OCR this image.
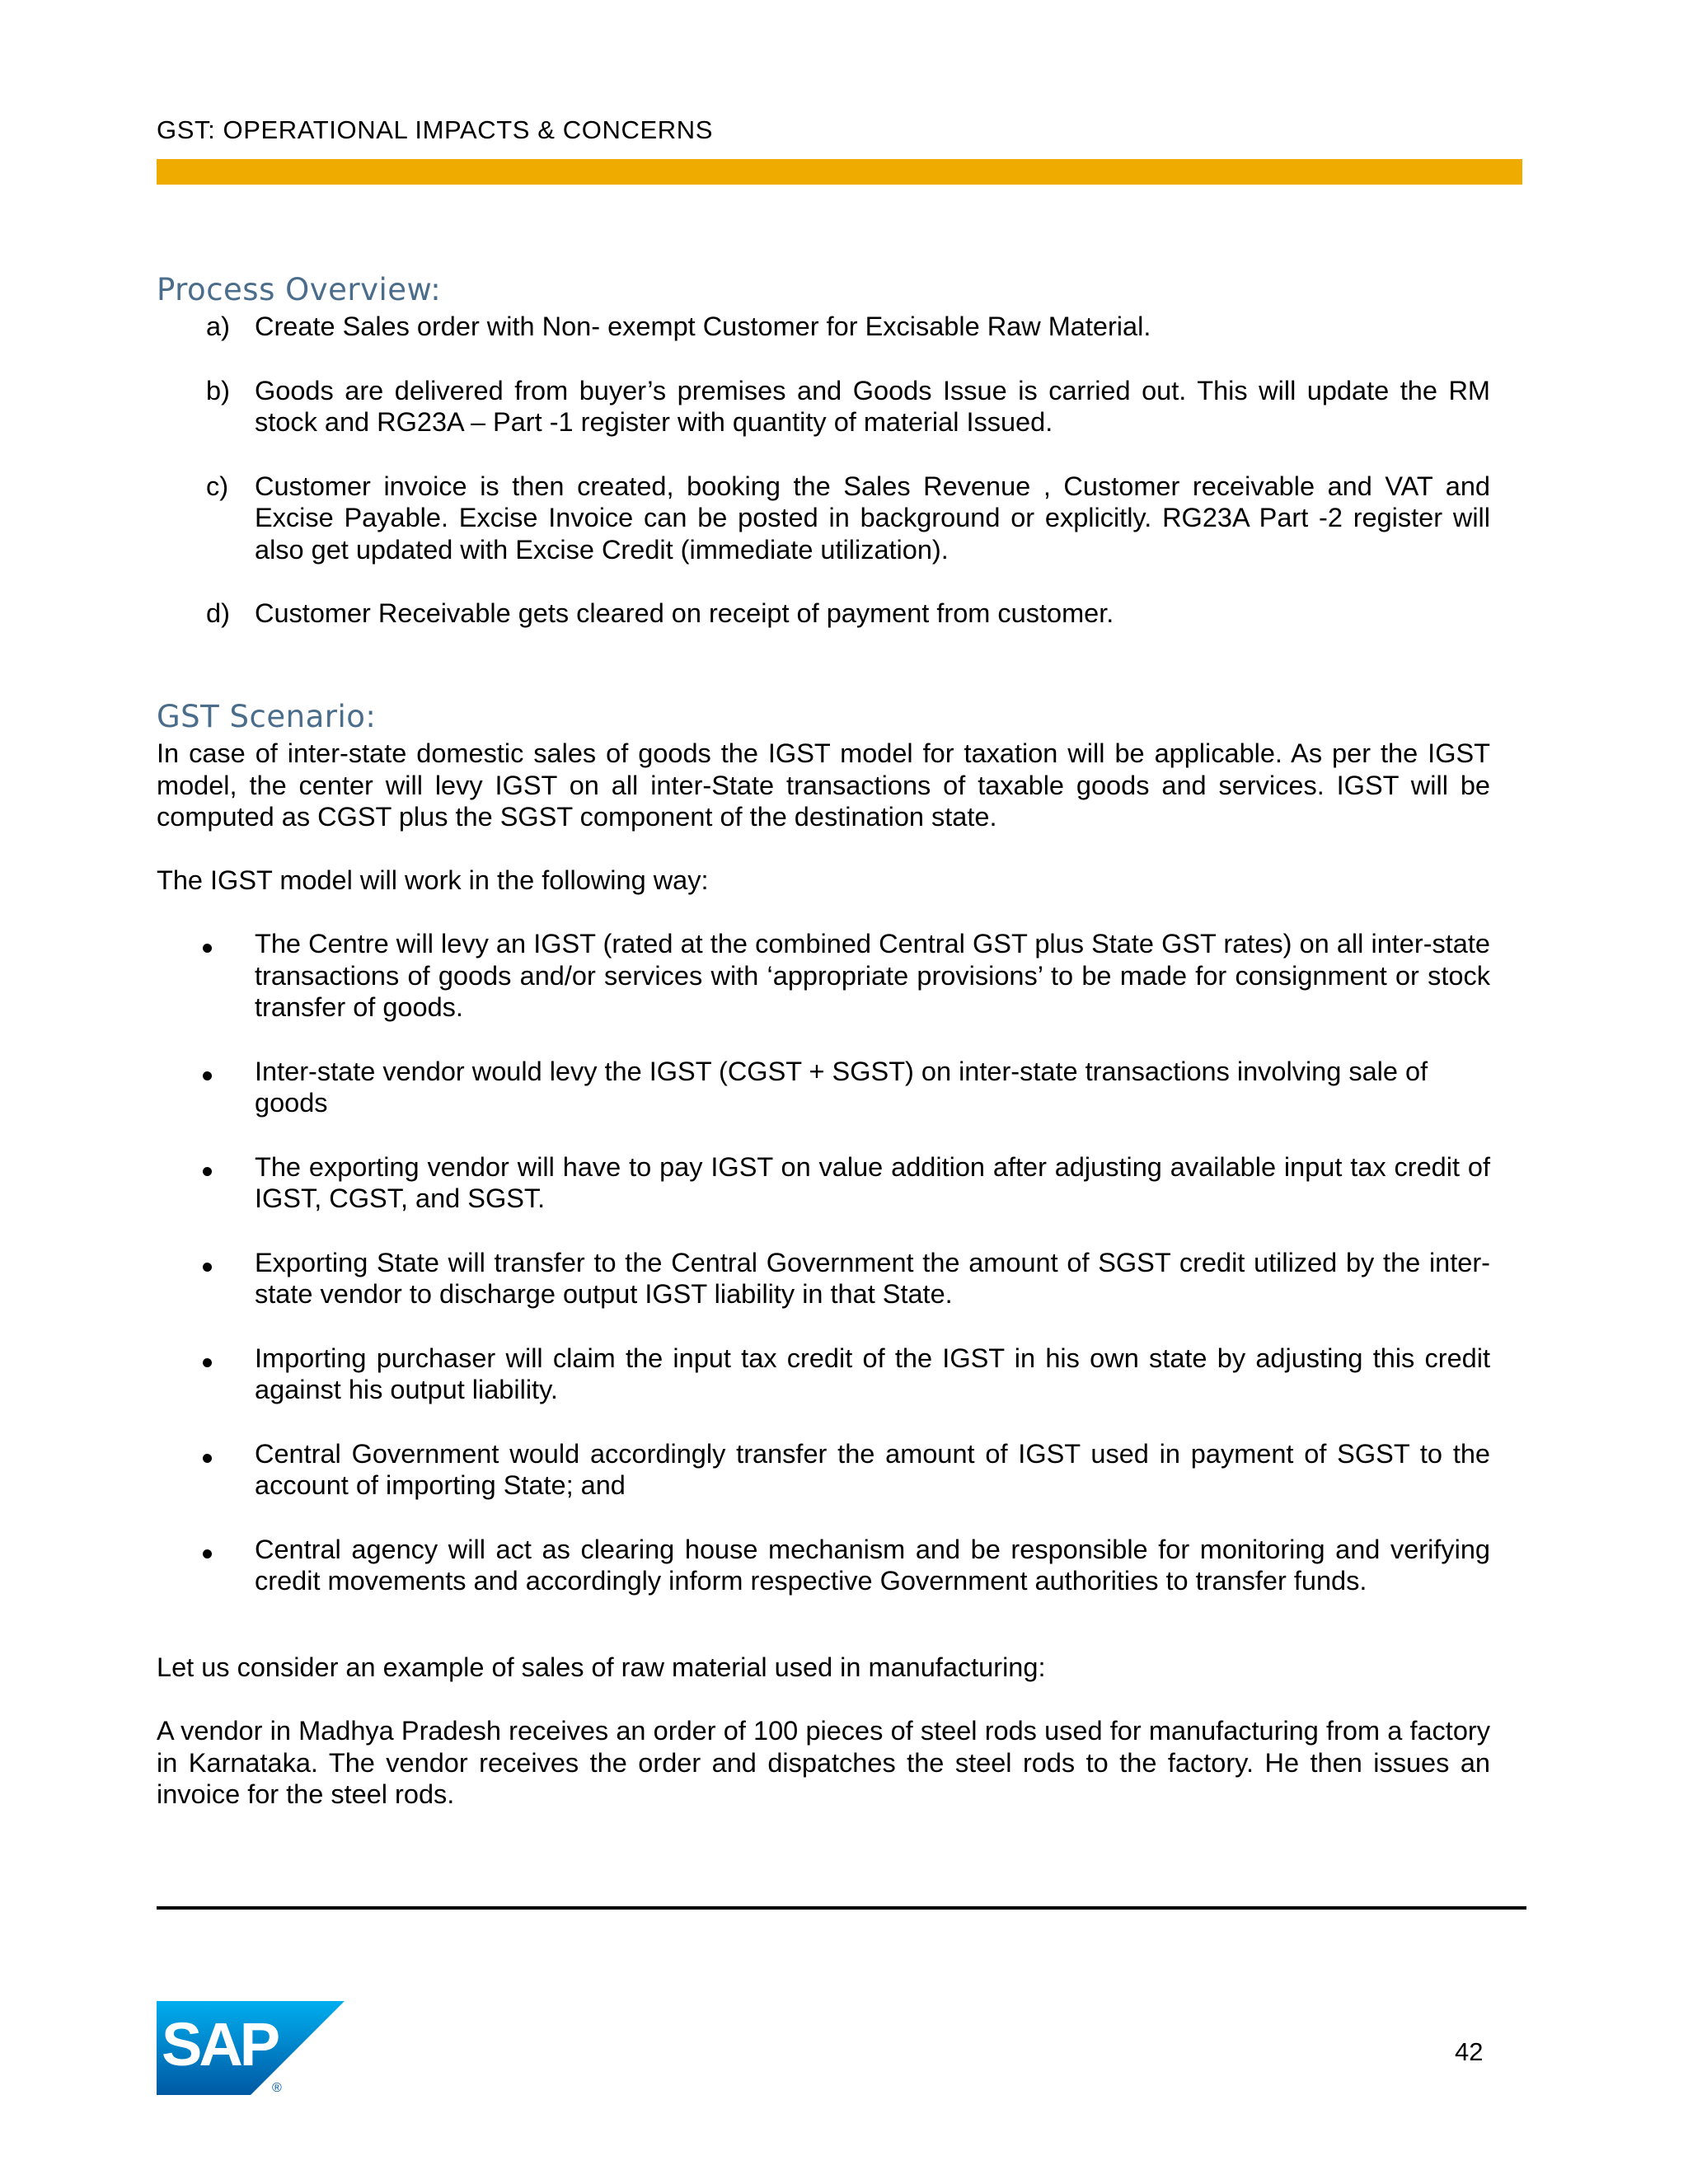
GST: OPERATIONAL IMPACTS & CONCERNS
Process Overview:
a) Create Sales order with Non- exempt Customer for Excisable Raw Material.
b) Goods are delivered from buyer’s premises and Goods Issue is carried out. This will update the RM stock and RG23A – Part -1 register with quantity of material Issued.
c) Customer invoice is then created, booking the Sales Revenue , Customer receivable and VAT and Excise Payable. Excise Invoice can be posted in background or explicitly. RG23A Part -2 register will also get updated with Excise Credit (immediate utilization).
d) Customer Receivable gets cleared on receipt of payment from customer.
GST Scenario:
In case of inter-state domestic sales of goods the IGST model for taxation will be applicable. As per the IGST model, the center will levy IGST on all inter-State transactions of taxable goods and services. IGST will be computed as CGST plus the SGST component of the destination state.
The IGST model will work in the following way:
The Centre will levy an IGST (rated at the combined Central GST plus State GST rates) on all inter-state transactions of goods and/or services with ‘appropriate provisions’ to be made for consignment or stock transfer of goods.
Inter-state vendor would levy the IGST (CGST + SGST) on inter-state transactions involving sale of goods
The exporting vendor will have to pay IGST on value addition after adjusting available input tax credit of IGST, CGST, and SGST.
Exporting State will transfer to the Central Government the amount of SGST credit utilized by the inter-state vendor to discharge output IGST liability in that State.
Importing purchaser will claim the input tax credit of the IGST in his own state by adjusting this credit against his output liability.
Central Government would accordingly transfer the amount of IGST used in payment of SGST to the account of importing State; and
Central agency will act as clearing house mechanism and be responsible for monitoring and verifying credit movements and accordingly inform respective Government authorities to transfer funds.
Let us consider an example of sales of raw material used in manufacturing:
A vendor in Madhya Pradesh receives an order of 100 pieces of steel rods used for manufacturing from a factory in Karnataka. The vendor receives the order and dispatches the steel rods to the factory. He then issues an invoice for the steel rods.
SAP
®
42
